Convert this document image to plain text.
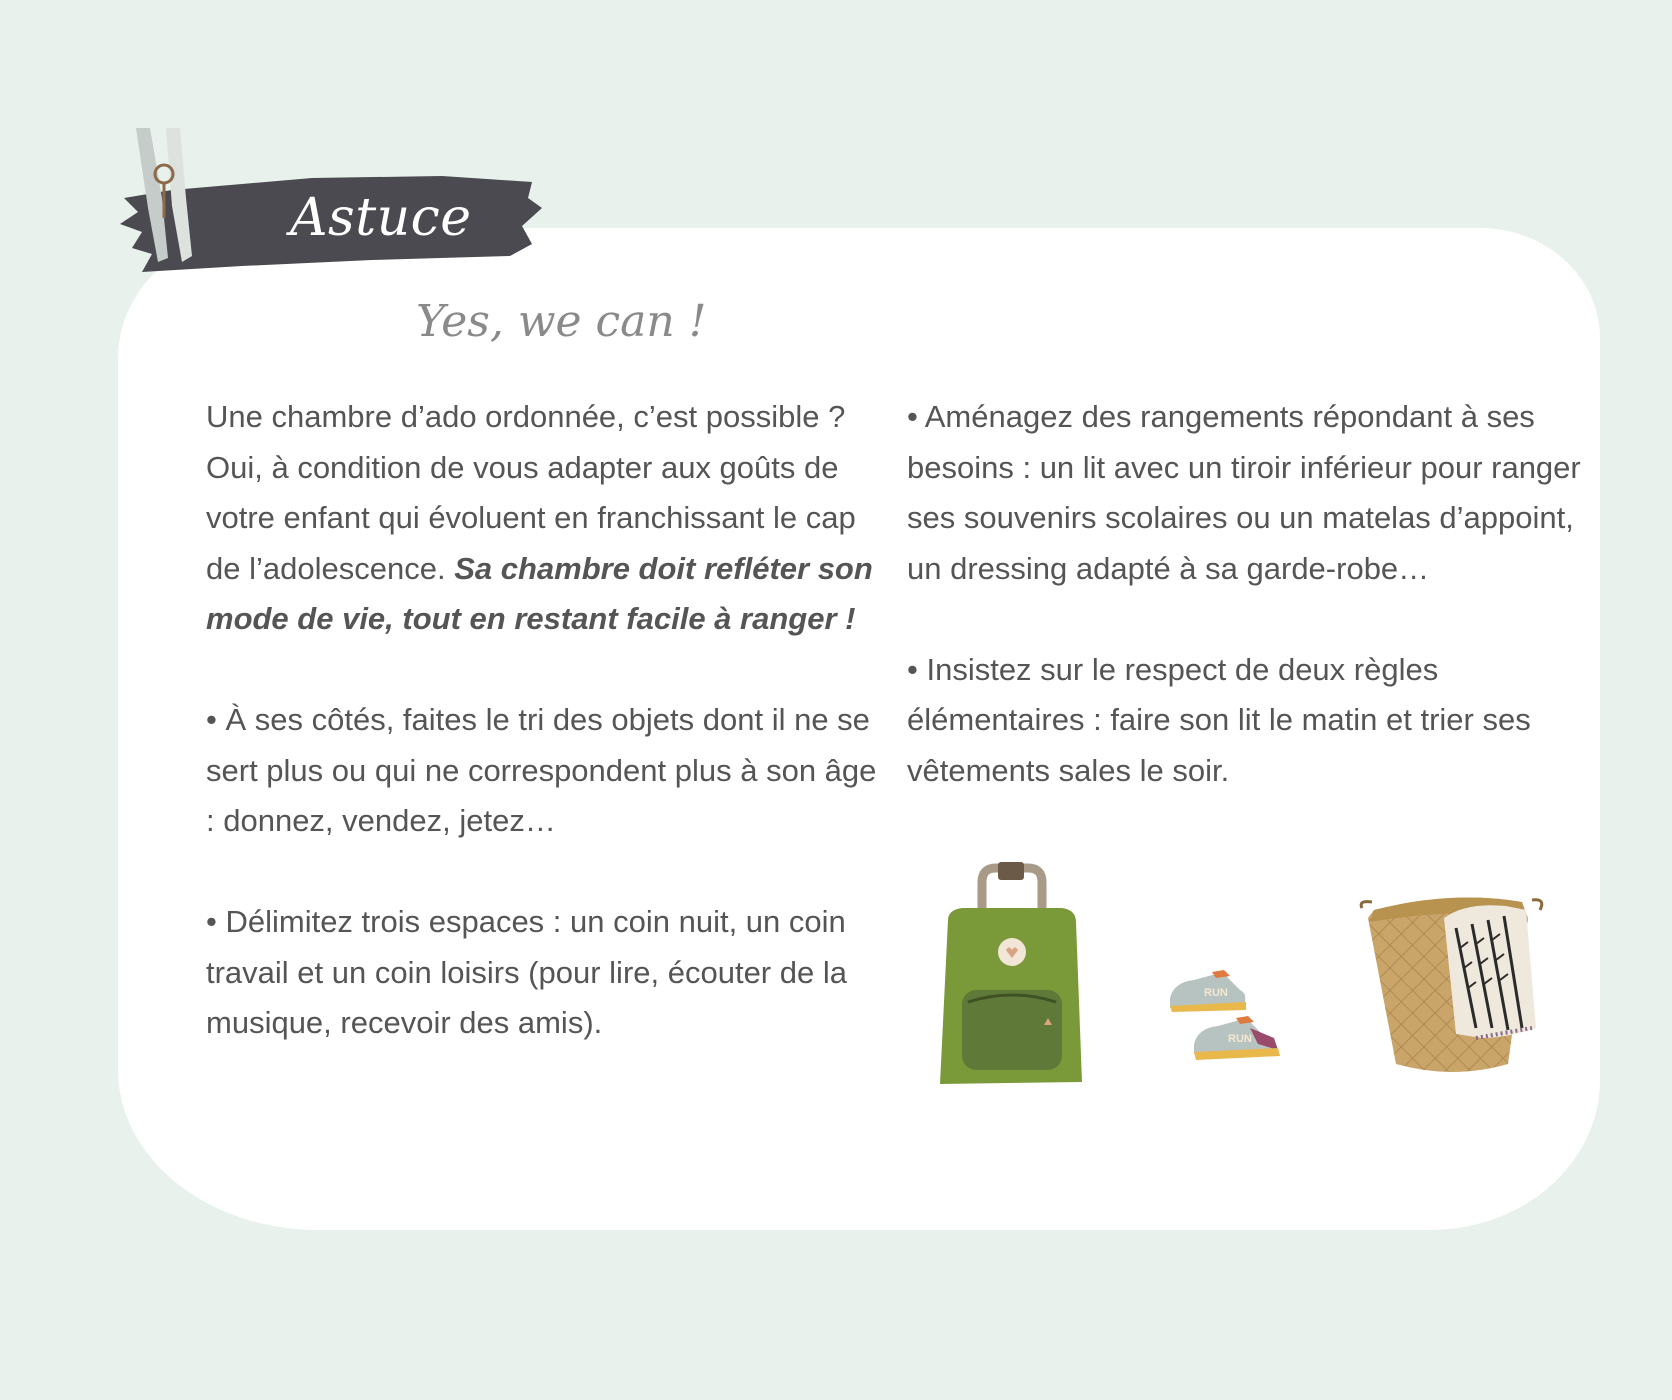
Astuce
Yes, we can !

Une chambre d’ado ordonnée, c’est possible ? Oui, à condition de vous adapter aux goûts de votre enfant qui évoluent en franchissant le cap de l’adolescence. Sa chambre doit refléter son mode de vie, tout en restant facile à ranger !

• À ses côtés, faites le tri des objets dont il ne se sert plus ou qui ne correspondent plus à son âge : donnez, vendez, jetez…

• Délimitez trois espaces : un coin nuit, un coin travail et un coin loisirs (pour lire, écouter de la musique, recevoir des amis).

• Aménagez des rangements répondant à ses besoins : un lit avec un tiroir inférieur pour ranger ses souvenirs scolaires ou un matelas d’appoint, un dressing adapté à sa garde-robe…

• Insistez sur le respect de deux règles élémentaires : faire son lit le matin et trier ses vêtements sales le soir.

RUN
RUN
